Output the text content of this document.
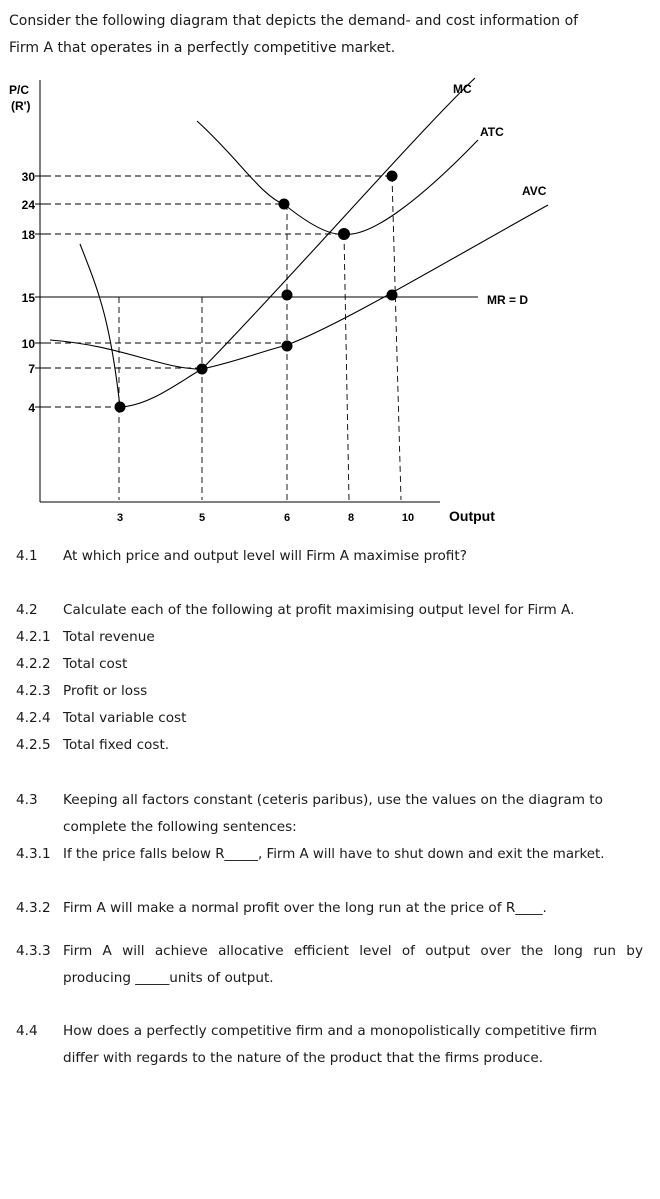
Consider the following diagram that depicts the demand- and cost information of
Firm A that operates in a perfectly competitive market.
P/C
(R')
Output
30
24
18
15
10
7
4
3	5	6	8	10
MC
ATC
AVC
MR = D
4.1 At which price and output level will Firm A maximise profit?
4.2 Calculate each of the following at profit maximising output level for Firm A.
4.2.1 Total revenue
4.2.2 Total cost
4.2.3 Profit or loss
4.2.4 Total variable cost
4.2.5 Total fixed cost.
4.3 Keeping all factors constant (ceteris paribus), use the values on the diagram to
complete the following sentences:
4.3.1 If the price falls below R_____, Firm A will have to shut down and exit the market.
4.3.2 Firm A will make a normal profit over the long run at the price of R____.
4.3.3 Firm A will achieve allocative efficient level of output over the long run by
producing _____units of output.
4.4 How does a perfectly competitive firm and a monopolistically competitive firm
differ with regards to the nature of the product that the firms produce.
